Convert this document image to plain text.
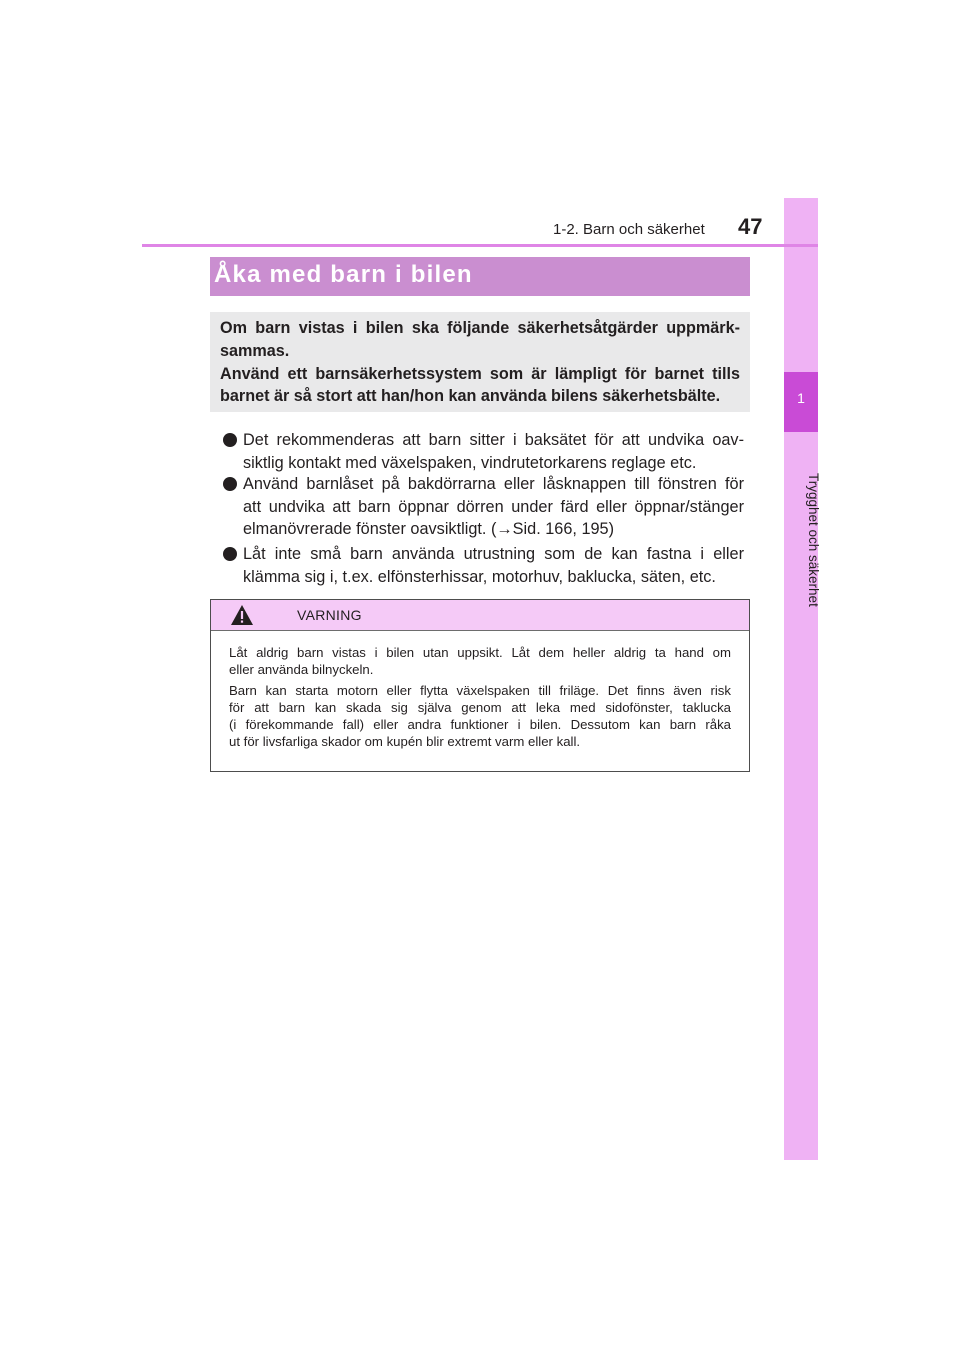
1
Trygghet och säkerhet
1-2. Barn och säkerhet 47
Åka med barn i bilen
Om barn vistas i bilen ska följande säkerhetsåtgärder uppmärk-
sammas.
Använd ett barnsäkerhetssystem som är lämpligt för barnet tills
barnet är så stort att han/hon kan använda bilens säkerhetsbälte.
Det rekommenderas att barn sitter i baksätet för att undvika oav-
siktlig kontakt med växelspaken, vindrutetorkarens reglage etc.
Använd barnlåset på bakdörrarna eller låsknappen till fönstren för
att undvika att barn öppnar dörren under färd eller öppnar/stänger
elmanövrerade fönster oavsiktligt. (→Sid. 166, 195)
Låt inte små barn använda utrustning som de kan fastna i eller
klämma sig i, t.ex. elfönsterhissar, motorhuv, baklucka, säten, etc.
VARNING
Låt aldrig barn vistas i bilen utan uppsikt. Låt dem heller aldrig ta hand om
eller använda bilnyckeln.
Barn kan starta motorn eller flytta växelspaken till friläge. Det finns även risk
för att barn kan skada sig själva genom att leka med sidofönster, taklucka
(i förekommande fall) eller andra funktioner i bilen. Dessutom kan barn råka
ut för livsfarliga skador om kupén blir extremt varm eller kall.
